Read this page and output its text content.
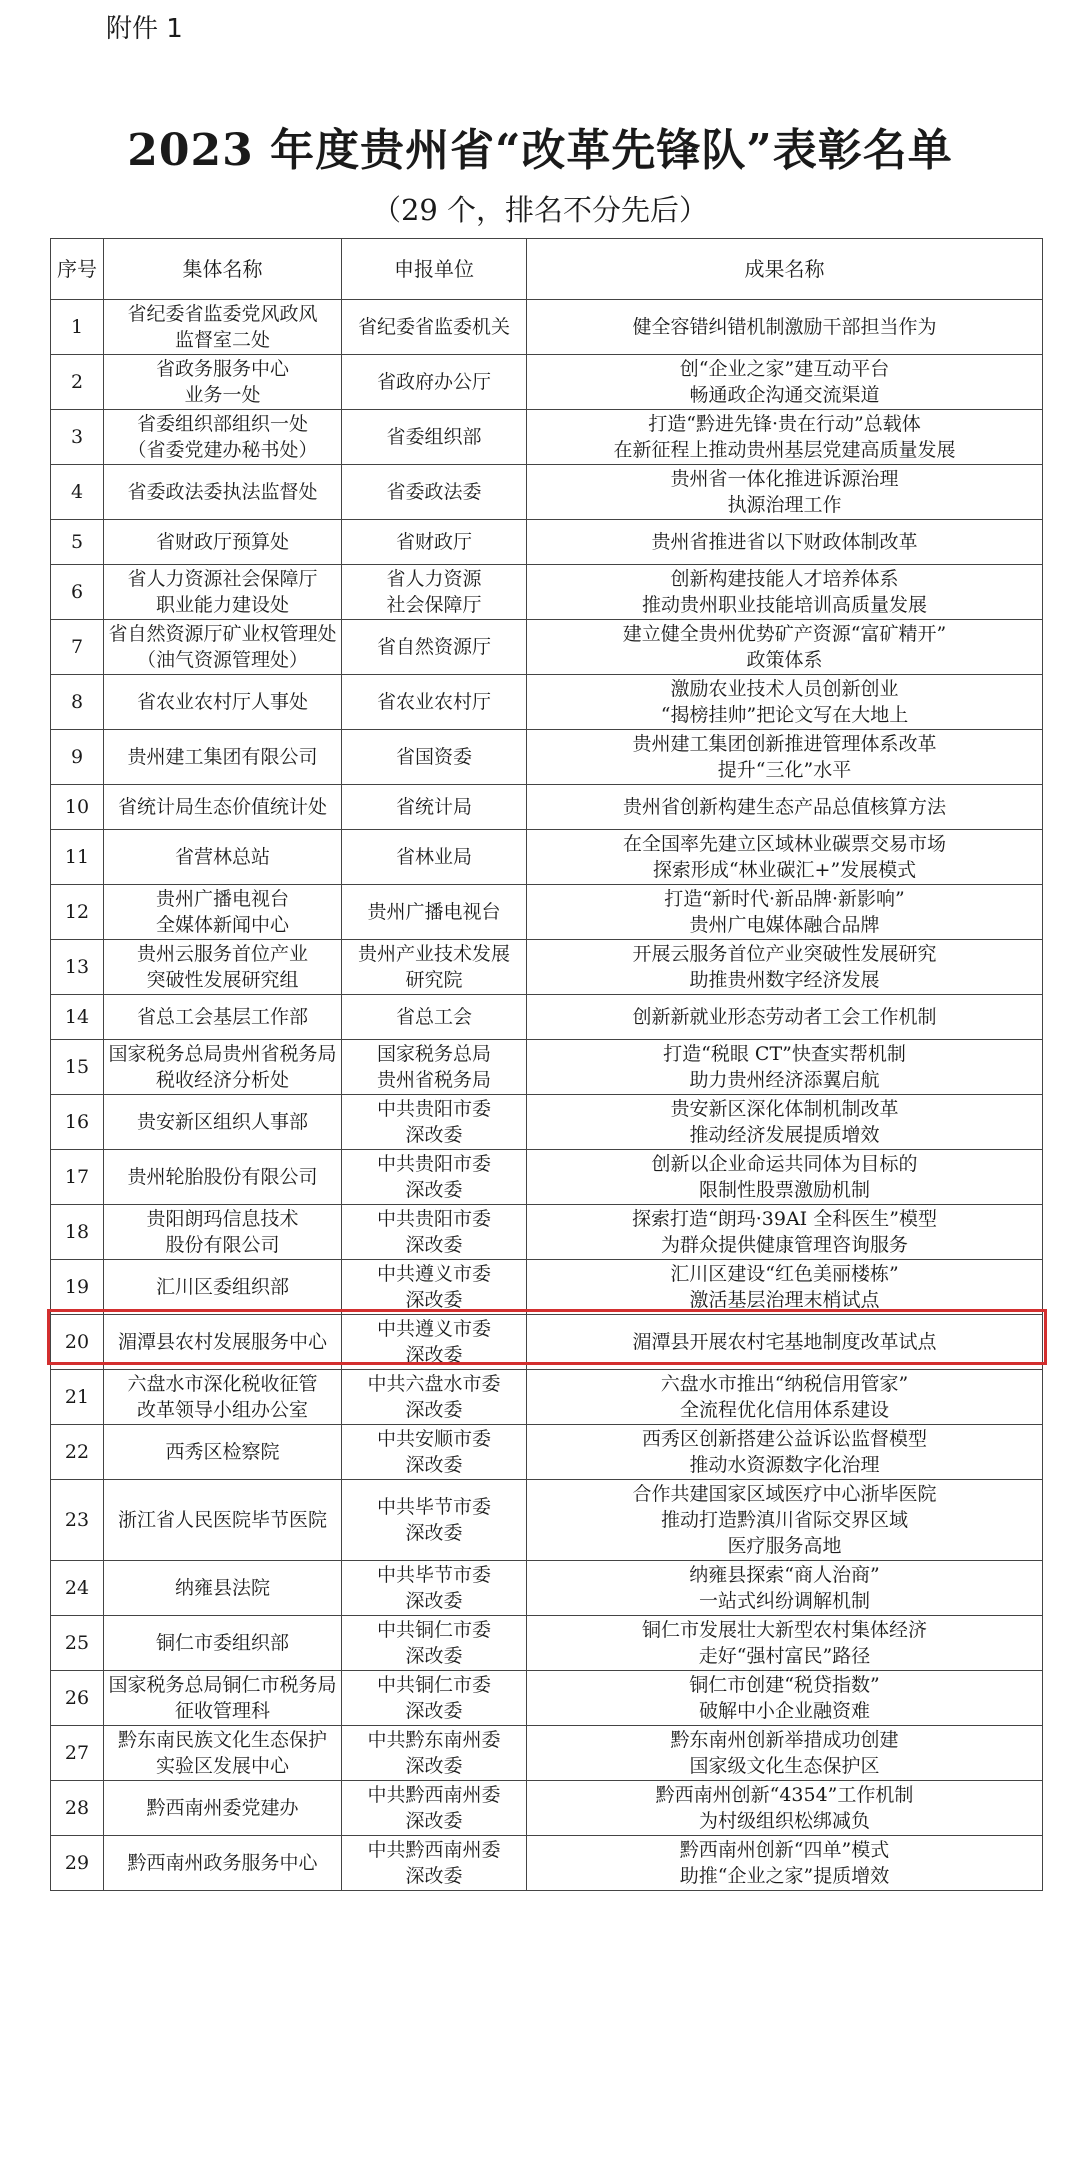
附件 1
2023 年度贵州省“改革先锋队”表彰名单
（29 个，排名不分先后）
序号	集体名称	申报单位	成果名称
1	省纪委省监委党风政风
监督室二处	省纪委省监委机关	健全容错纠错机制激励干部担当作为
2	省政务服务中心
业务一处	省政府办公厅	创“企业之家”建互动平台
畅通政企沟通交流渠道
3	省委组织部组织一处
（省委党建办秘书处）	省委组织部	打造“黔进先锋·贵在行动”总载体
在新征程上推动贵州基层党建高质量发展
4	省委政法委执法监督处	省委政法委	贵州省一体化推进诉源治理
执源治理工作
5	省财政厅预算处	省财政厅	贵州省推进省以下财政体制改革
6	省人力资源社会保障厅
职业能力建设处	省人力资源
社会保障厅	创新构建技能人才培养体系
推动贵州职业技能培训高质量发展
7	省自然资源厅矿业权管理处
（油气资源管理处）	省自然资源厅	建立健全贵州优势矿产资源“富矿精开”
政策体系
8	省农业农村厅人事处	省农业农村厅	激励农业技术人员创新创业
“揭榜挂帅”把论文写在大地上
9	贵州建工集团有限公司	省国资委	贵州建工集团创新推进管理体系改革
提升“三化”水平
10	省统计局生态价值统计处	省统计局	贵州省创新构建生态产品总值核算方法
11	省营林总站	省林业局	在全国率先建立区域林业碳票交易市场
探索形成“林业碳汇+”发展模式
12	贵州广播电视台
全媒体新闻中心	贵州广播电视台	打造“新时代·新品牌·新影响”
贵州广电媒体融合品牌
13	贵州云服务首位产业
突破性发展研究组	贵州产业技术发展
研究院	开展云服务首位产业突破性发展研究
助推贵州数字经济发展
14	省总工会基层工作部	省总工会	创新新就业形态劳动者工会工作机制
15	国家税务总局贵州省税务局
税收经济分析处	国家税务总局
贵州省税务局	打造“税眼 CT”快查实帮机制
助力贵州经济添翼启航
16	贵安新区组织人事部	中共贵阳市委
深改委	贵安新区深化体制机制改革
推动经济发展提质增效
17	贵州轮胎股份有限公司	中共贵阳市委
深改委	创新以企业命运共同体为目标的
限制性股票激励机制
18	贵阳朗玛信息技术
股份有限公司	中共贵阳市委
深改委	探索打造“朗玛·39AI 全科医生”模型
为群众提供健康管理咨询服务
19	汇川区委组织部	中共遵义市委
深改委	汇川区建设“红色美丽楼栋”
激活基层治理末梢试点
20	湄潭县农村发展服务中心	中共遵义市委
深改委	湄潭县开展农村宅基地制度改革试点
21	六盘水市深化税收征管
改革领导小组办公室	中共六盘水市委
深改委	六盘水市推出“纳税信用管家”
全流程优化信用体系建设
22	西秀区检察院	中共安顺市委
深改委	西秀区创新搭建公益诉讼监督模型
推动水资源数字化治理
23	浙江省人民医院毕节医院	中共毕节市委
深改委	合作共建国家区域医疗中心浙毕医院
推动打造黔滇川省际交界区域
医疗服务高地
24	纳雍县法院	中共毕节市委
深改委	纳雍县探索“商人治商”
一站式纠纷调解机制
25	铜仁市委组织部	中共铜仁市委
深改委	铜仁市发展壮大新型农村集体经济
走好“强村富民”路径
26	国家税务总局铜仁市税务局
征收管理科	中共铜仁市委
深改委	铜仁市创建“税贷指数”
破解中小企业融资难
27	黔东南民族文化生态保护
实验区发展中心	中共黔东南州委
深改委	黔东南州创新举措成功创建
国家级文化生态保护区
28	黔西南州委党建办	中共黔西南州委
深改委	黔西南州创新“4354”工作机制
为村级组织松绑减负
29	黔西南州政务服务中心	中共黔西南州委
深改委	黔西南州创新“四单”模式
助推“企业之家”提质增效
